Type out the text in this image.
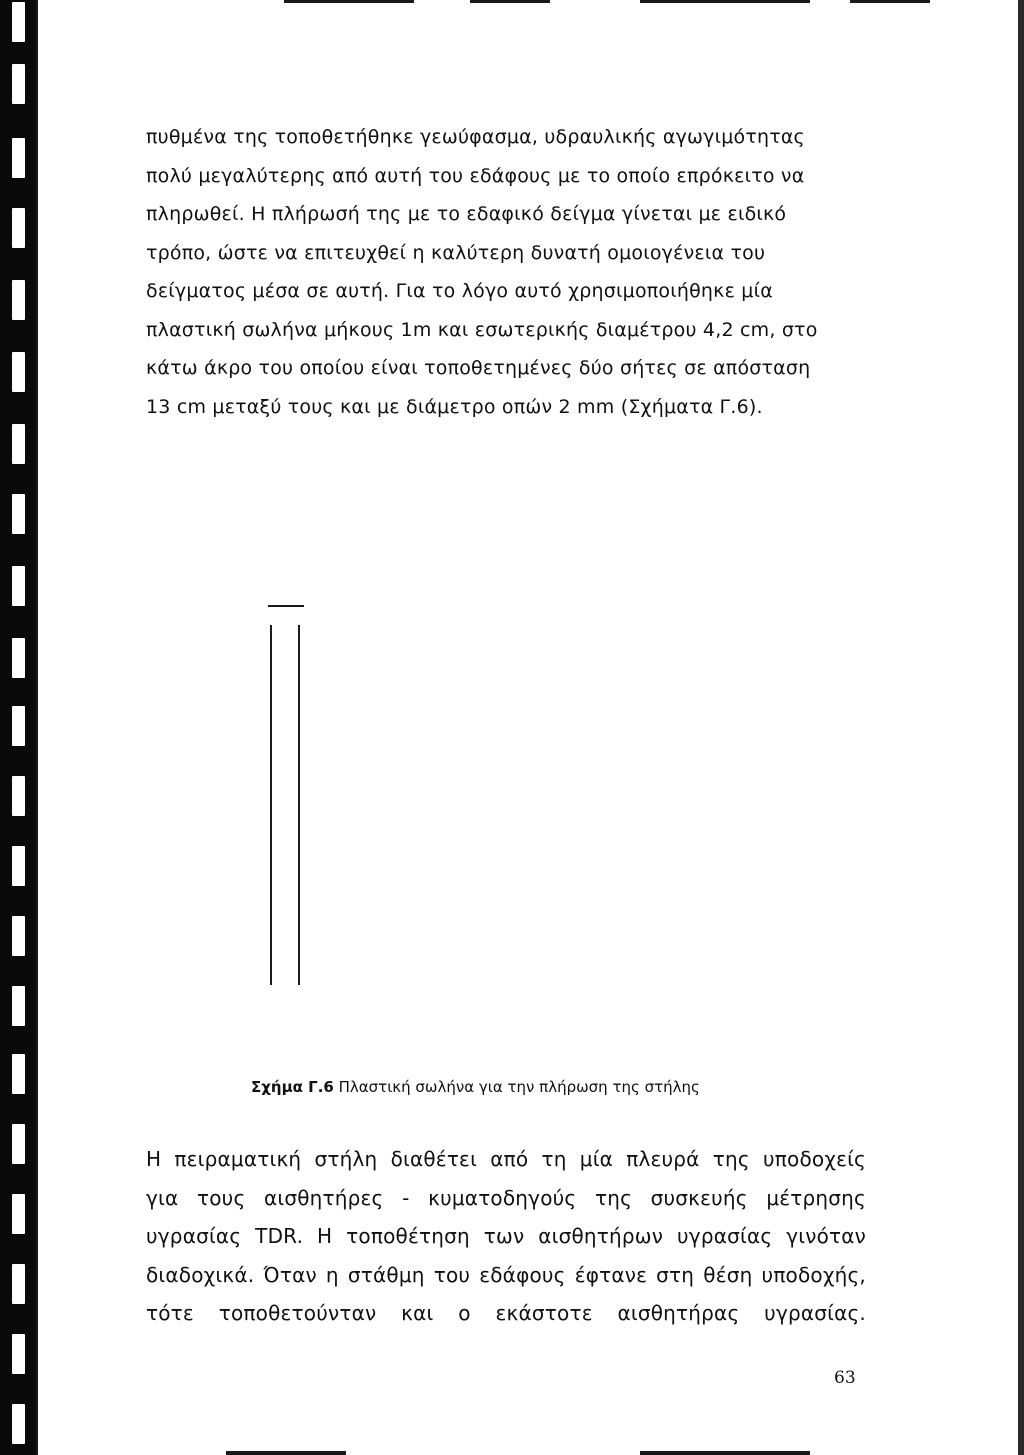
πυθμένα της τοποθετήθηκε γεωύφασμα, υδραυλικής αγωγιμότητας
πολύ μεγαλύτερης από αυτή του εδάφους με το οποίο επρόκειτο να
πληρωθεί. Η πλήρωσή της με το εδαφικό δείγμα γίνεται με ειδικό
τρόπο, ώστε να επιτευχθεί η καλύτερη δυνατή ομοιογένεια του
δείγματος μέσα σε αυτή. Για το λόγο αυτό χρησιμοποιήθηκε μία
πλαστική σωλήνα μήκους 1m και εσωτερικής διαμέτρου 4,2 cm, στο
κάτω άκρο του οποίου είναι τοποθετημένες δύο σήτες σε απόσταση
13 cm μεταξύ τους και με διάμετρο οπών 2 mm (Σχήματα Γ.6).

Σχήμα Γ.6 Πλαστική σωλήνα για την πλήρωση της στήλης

Η πειραματική στήλη διαθέτει από τη μία πλευρά της υποδοχείς
για τους αισθητήρες - κυματοδηγούς της συσκευής μέτρησης
υγρασίας TDR. Η τοποθέτηση των αισθητήρων υγρασίας γινόταν
διαδοχικά. Όταν η στάθμη του εδάφους έφτανε στη θέση υποδοχής,
τότε τοποθετούνταν και ο εκάστοτε αισθητήρας υγρασίας.

63
